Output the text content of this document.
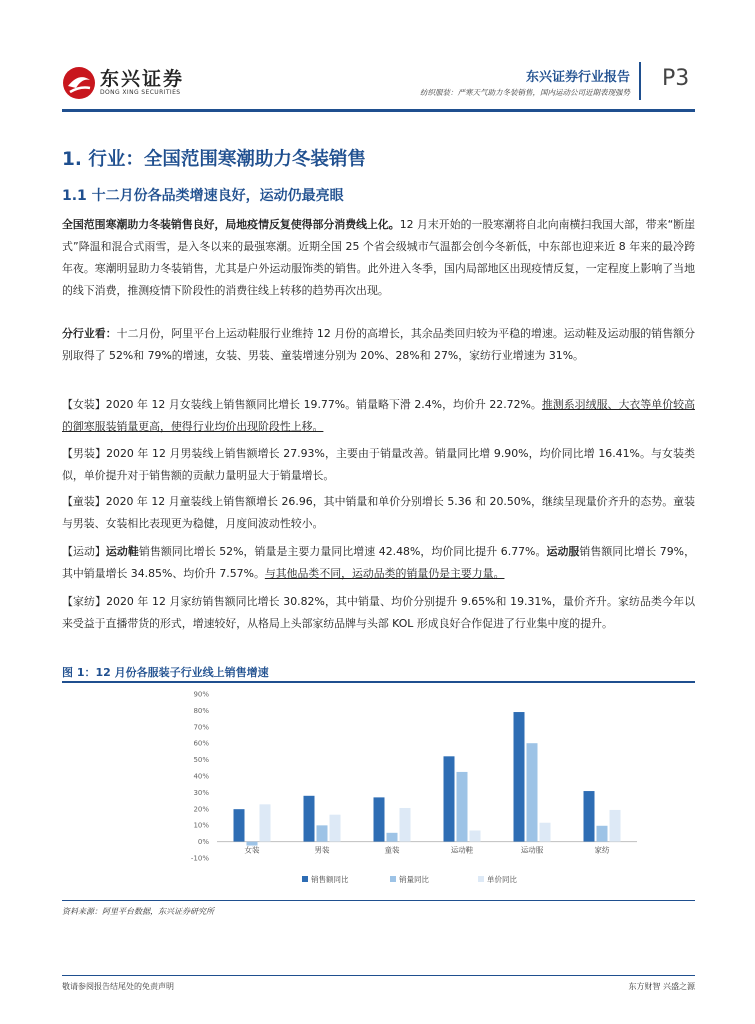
东兴证券
DONG XING SECURITIES
东兴证券行业报告
纺织服装：严寒天气助力冬装销售，国内运动公司近期表现强势
P3
1. 行业：全国范围寒潮助力冬装销售
1.1 十二月份各品类增速良好，运动仍最亮眼
全国范围寒潮助力冬装销售良好，局地疫情反复使得部分消费线上化。12 月末开始的一股寒潮将自北向南横扫我国大部，带来“断崖式”降温和混合式雨雪，是入冬以来的最强寒潮。近期全国 25 个省会级城市气温都会创今冬新低，中东部也迎来近 8 年来的最冷跨年夜。寒潮明显助力冬装销售，尤其是户外运动服饰类的销售。此外进入冬季，国内局部地区出现疫情反复，一定程度上影响了当地的线下消费，推测疫情下阶段性的消费往线上转移的趋势再次出现。
分行业看：十二月份，阿里平台上运动鞋服行业维持 12 月份的高增长，其余品类回归较为平稳的增速。运动鞋及运动服的销售额分别取得了 52%和 79%的增速，女装、男装、童装增速分别为 20%、28%和 27%，家纺行业增速为 31%。
【女装】2020 年 12 月女装线上销售额同比增长 19.77%。销量略下滑 2.4%，均价升 22.72%。推测系羽绒服、大衣等单价较高的御寒服装销量更高，使得行业均价出现阶段性上移。
【男装】2020 年 12 月男装线上销售额增长 27.93%，主要由于销量改善。销量同比增 9.90%，均价同比增 16.41%。与女装类似，单价提升对于销售额的贡献力量明显大于销量增长。
【童装】2020 年 12 月童装线上销售额增长 26.96，其中销量和单价分别增长 5.36 和 20.50%，继续呈现量价齐升的态势。童装与男装、女装相比表现更为稳健，月度间波动性较小。
【运动】运动鞋销售额同比增长 52%，销量是主要力量同比增速 42.48%，均价同比提升 6.77%。运动服销售额同比增长 79%，其中销量增长 34.85%、均价升 7.57%。与其他品类不同，运动品类的销量仍是主要力量。
【家纺】2020 年 12 月家纺销售额同比增长 30.82%，其中销量、均价分别提升 9.65%和 19.31%，量价齐升。家纺品类今年以来受益于直播带货的形式，增速较好，从格局上头部家纺品牌与头部 KOL 形成良好合作促进了行业集中度的提升。
图 1：12 月份各服装子行业线上销售增速
90%
80%
70%
60%
50%
40%
30%
20%
10%
0%
-10%
女装	男装	童装	运动鞋	运动服	家纺
销售额同比	销量同比	单价同比
资料来源：阿里平台数据，东兴证券研究所
敬请参阅报告结尾处的免责声明	东方财智 兴盛之源
